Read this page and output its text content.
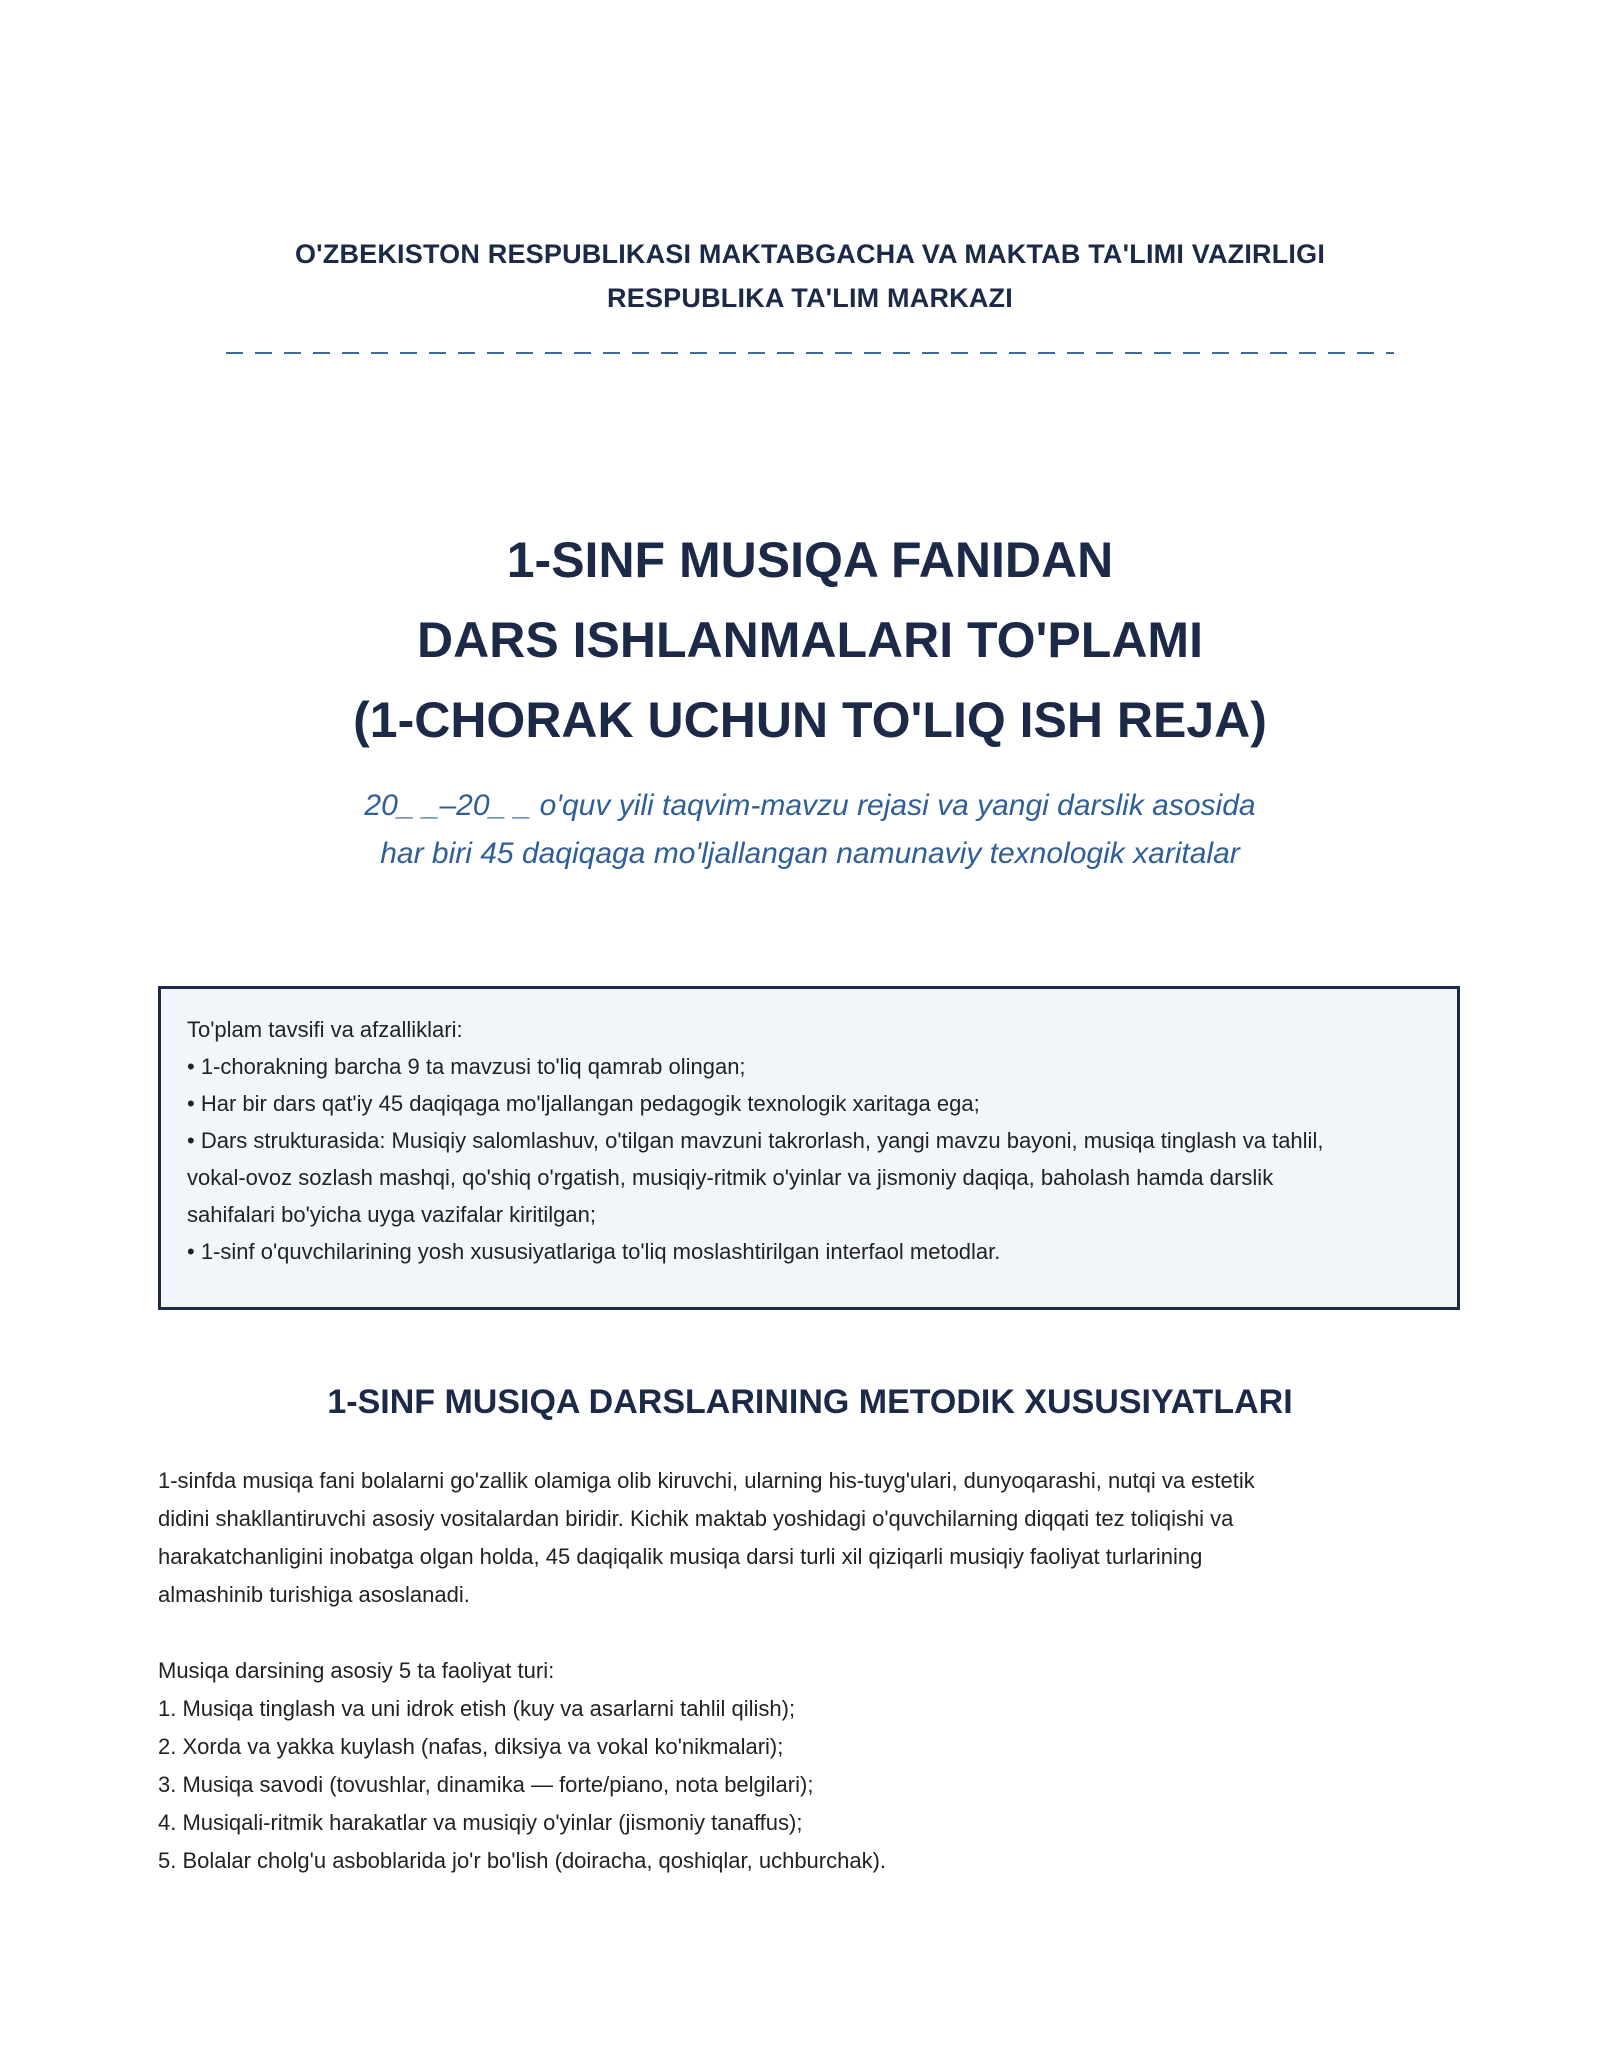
O'ZBEKISTON RESPUBLIKASI MAKTABGACHA VA MAKTAB TA'LIMI VAZIRLIGI
RESPUBLIKA TA'LIM MARKAZI
1-SINF MUSIQA FANIDAN
DARS ISHLANMALARI TO'PLAMI
(1-CHORAK UCHUN TO'LIQ ISH REJA)
20_ _–20_ _ o'quv yili taqvim-mavzu rejasi va yangi darslik asosida
har biri 45 daqiqaga mo'ljallangan namunaviy texnologik xaritalar
To'plam tavsifi va afzalliklari:
• 1-chorakning barcha 9 ta mavzusi to'liq qamrab olingan;
• Har bir dars qat'iy 45 daqiqaga mo'ljallangan pedagogik texnologik xaritaga ega;
• Dars strukturasida: Musiqiy salomlashuv, o'tilgan mavzuni takrorlash, yangi mavzu bayoni, musiqa tinglash va tahlil,
vokal-ovoz sozlash mashqi, qo'shiq o'rgatish, musiqiy-ritmik o'yinlar va jismoniy daqiqa, baholash hamda darslik
sahifalari bo'yicha uyga vazifalar kiritilgan;
• 1-sinf o'quvchilarining yosh xususiyatlariga to'liq moslashtirilgan interfaol metodlar.
1-SINF MUSIQA DARSLARINING METODIK XUSUSIYATLARI
1-sinfda musiqa fani bolalarni go'zallik olamiga olib kiruvchi, ularning his-tuyg'ulari, dunyoqarashi, nutqi va estetik
didini shakllantiruvchi asosiy vositalardan biridir. Kichik maktab yoshidagi o'quvchilarning diqqati tez toliqishi va
harakatchanligini inobatga olgan holda, 45 daqiqalik musiqa darsi turli xil qiziqarli musiqiy faoliyat turlarining
almashinib turishiga asoslanadi.
Musiqa darsining asosiy 5 ta faoliyat turi:
1. Musiqa tinglash va uni idrok etish (kuy va asarlarni tahlil qilish);
2. Xorda va yakka kuylash (nafas, diksiya va vokal ko'nikmalari);
3. Musiqa savodi (tovushlar, dinamika — forte/piano, nota belgilari);
4. Musiqali-ritmik harakatlar va musiqiy o'yinlar (jismoniy tanaffus);
5. Bolalar cholg'u asboblarida jo'r bo'lish (doiracha, qoshiqlar, uchburchak).
